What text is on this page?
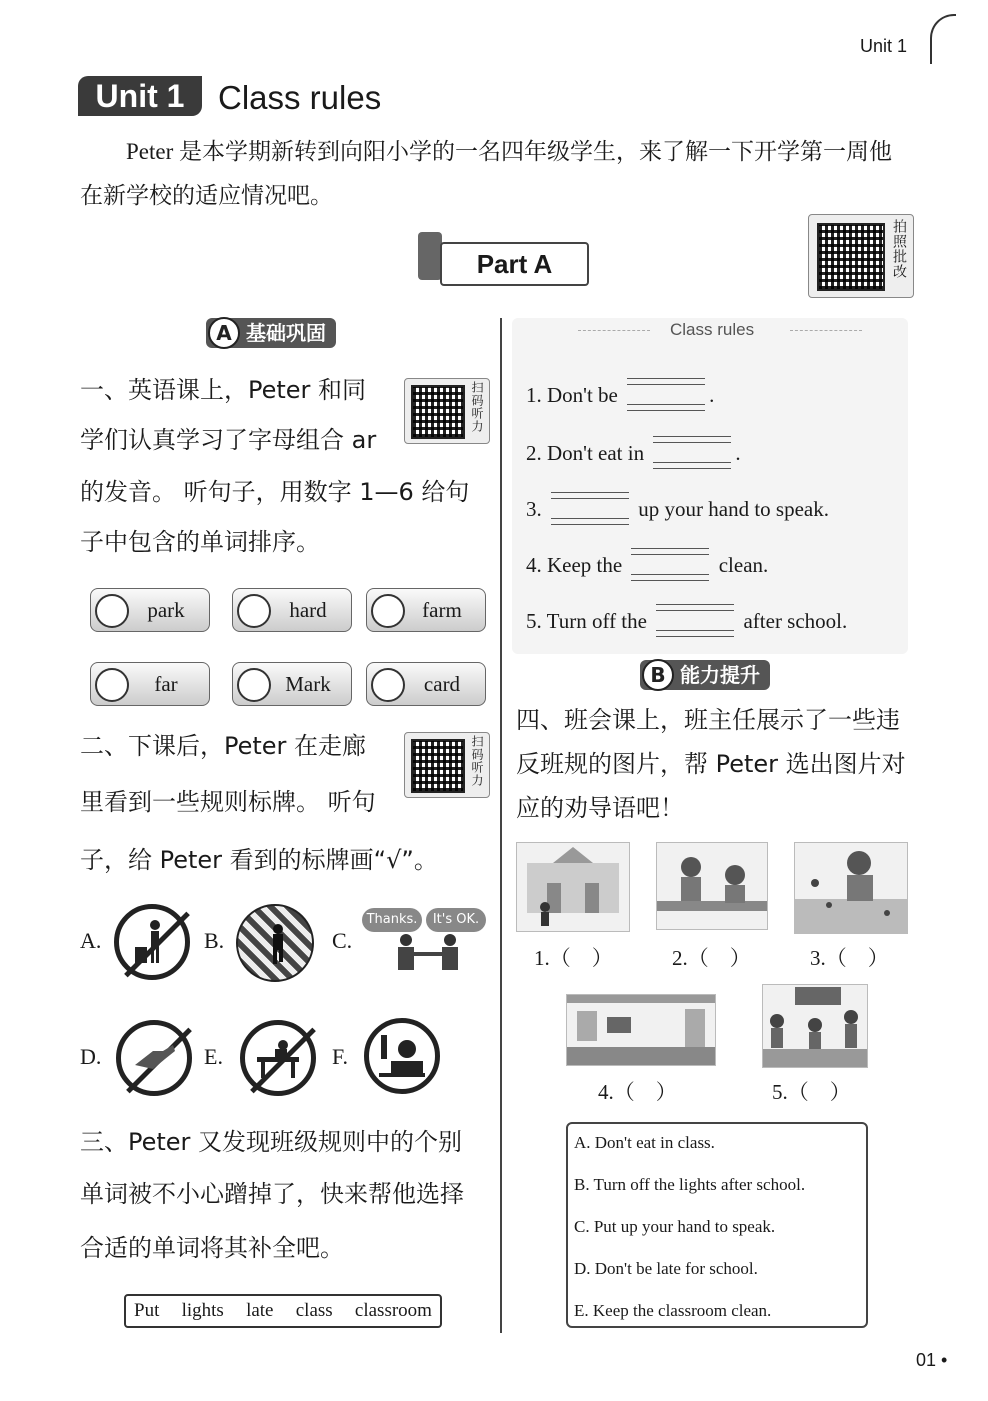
Unit 1
Unit 1	Class rules
Peter 是本学期新转到向阳小学的一名四年级学生，来了解一下开学第一周他在新学校的适应情况吧。
Part A	拍照批改
A 基础巩固
一、英语课上，Peter 和同
学们认真学习了字母组合 ar
的发音。 听句子，用数字 1—6 给句
子中包含的单词排序。
扫码听力
park	hard	farm
far	Mark	card
二、下课后，Peter 在走廊
里看到一些规则标牌。 听句
子，给 Peter 看到的标牌画“√”。
扫码听力
A.	B.	C.
Thanks.	It's OK.
D.	E.	F.
三、Peter 又发现班级规则中的个别
单词被不小心蹭掉了，快来帮他选择
合适的单词将其补全吧。
Put lights late class classroom
Class rules
1. Don't be	.
2. Don't eat in	.
3.	up your hand to speak.
4. Keep the	clean.
5. Turn off the	after school.
B 能力提升
四、班会课上，班主任展示了一些违
反班规的图片，帮 Peter 选出图片对
应的劝导语吧！
1.（　）	2.（　）	3.（　）
4.（　）	5.（　）
A. Don't eat in class.
B. Turn off the lights after school.
C. Put up your hand to speak.
D. Don't be late for school.
E. Keep the classroom clean.
01 •
